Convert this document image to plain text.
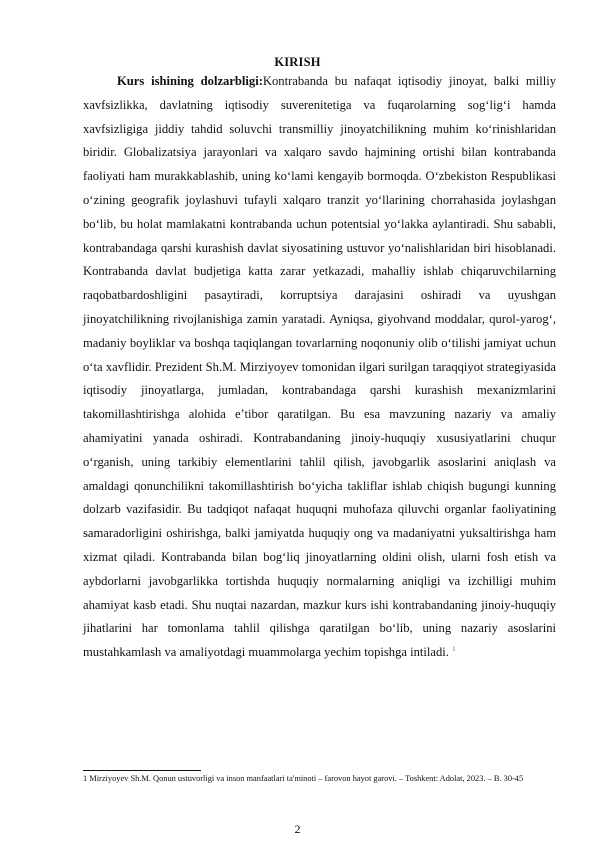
KIRISH

Kurs ishining dolzarbligi:Kontrabanda bu nafaqat iqtisodiy jinoyat, balki milliy xavfsizlikka, davlatning iqtisodiy suverenitetiga va fuqarolarning sog‘lig‘i hamda xavfsizligiga jiddiy tahdid soluvchi transmilliy jinoyatchilikning muhim ko‘rinishlaridan biridir. Globalizatsiya jarayonlari va xalqaro savdo hajmining ortishi bilan kontrabanda faoliyati ham murakkablashib, uning ko‘lami kengayib bormoqda. O‘zbekiston Respublikasi o‘zining geografik joylashuvi tufayli xalqaro tranzit yo‘llarining chorrahasida joylashgan bo‘lib, bu holat mamlakatni kontrabanda uchun potentsial yo‘lakka aylantiradi. Shu sababli, kontrabandaga qarshi kurashish davlat siyosatining ustuvor yo‘nalishlaridan biri hisoblanadi. Kontrabanda davlat budjetiga katta zarar yetkazadi, mahalliy ishlab chiqaruvchilarning raqobatbardoshligini pasaytiradi, korruptsiya darajasini oshiradi va uyushgan jinoyatchilikning rivojlanishiga zamin yaratadi. Ayniqsa, giyohvand moddalar, qurol-yarog‘, madaniy boyliklar va boshqa taqiqlangan tovarlarning noqonuniy olib o‘tilishi jamiyat uchun o‘ta xavflidir. Prezident Sh.M. Mirziyoyev tomonidan ilgari surilgan taraqqiyot strategiyasida iqtisodiy jinoyatlarga, jumladan, kontrabandaga qarshi kurashish mexanizmlarini takomillashtirishga alohida e’tibor qaratilgan. Bu esa mavzuning nazariy va amaliy ahamiyatini yanada oshiradi. Kontrabandaning jinoiy-huquqiy xususiyatlarini chuqur o‘rganish, uning tarkibiy elementlarini tahlil qilish, javobgarlik asoslarini aniqlash va amaldagi qonunchilikni takomillashtirish bo‘yicha takliflar ishlab chiqish bugungi kunning dolzarb vazifasidir. Bu tadqiqot nafaqat huquqni muhofaza qiluvchi organlar faoliyatining samaradorligini oshirishga, balki jamiyatda huquqiy ong va madaniyatni yuksaltirishga ham xizmat qiladi. Kontrabanda bilan bog‘liq jinoyatlarning oldini olish, ularni fosh etish va aybdorlarni javobgarlikka tortishda huquqiy normalarning aniqligi va izchilligi muhim ahamiyat kasb etadi. Shu nuqtai nazardan, mazkur kurs ishi kontrabandaning jinoiy-huquqiy jihatlarini har tomonlama tahlil qilishga qaratilgan bo‘lib, uning nazariy asoslarini mustahkamlash va amaliyotdagi muammolarga yechim topishga intiladi. $^1$

1 Mirziyoyev Sh.M. Qonun ustuvorligi va inson manfaatlari ta'minoti – farovon hayot garovi. – Toshkent: Adolat, 2023. – B. 30-45

2
